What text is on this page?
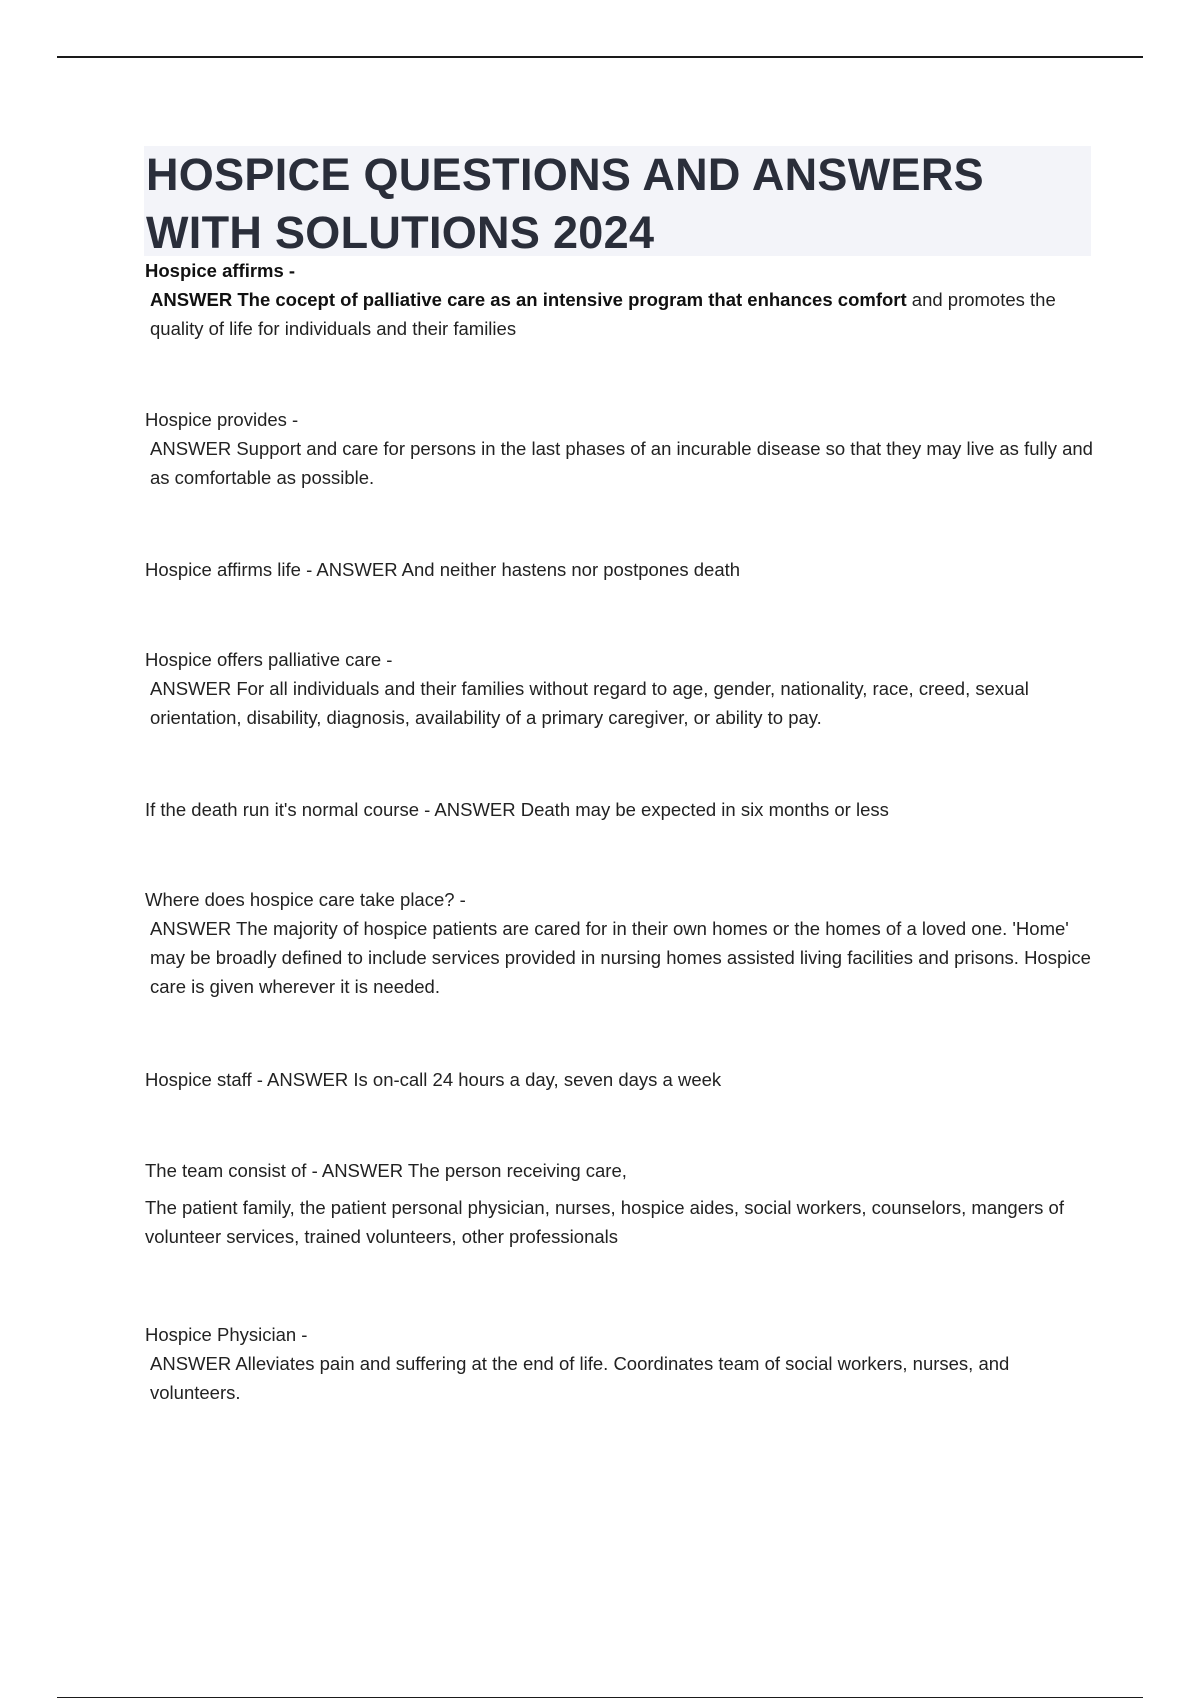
HOSPICE QUESTIONS AND ANSWERS
WITH SOLUTIONS 2024
Hospice affirms -
ANSWER The cocept of palliative care as an intensive program that enhances comfort and promotes the quality of life for individuals and their families
Hospice provides -
ANSWER Support and care for persons in the last phases of an incurable disease so that they may live as fully and as comfortable as possible.
Hospice affirms life - ANSWER And neither hastens nor postpones death
Hospice offers palliative care -
ANSWER For all individuals and their families without regard to age, gender, nationality, race, creed, sexual orientation, disability, diagnosis, availability of a primary caregiver, or ability to pay.
If the death run it's normal course - ANSWER Death may be expected in six months or less
Where does hospice care take place? -
ANSWER The majority of hospice patients are cared for in their own homes or the homes of a loved one. 'Home' may be broadly defined to include services provided in nursing homes assisted living facilities and prisons. Hospice care is given wherever it is needed.
Hospice staff - ANSWER Is on-call 24 hours a day, seven days a week
The team consist of - ANSWER The person receiving care,
The patient family, the patient personal physician, nurses, hospice aides, social workers, counselors, mangers of volunteer services, trained volunteers, other professionals
Hospice Physician -
ANSWER Alleviates pain and suffering at the end of life. Coordinates team of social workers, nurses, and volunteers.
